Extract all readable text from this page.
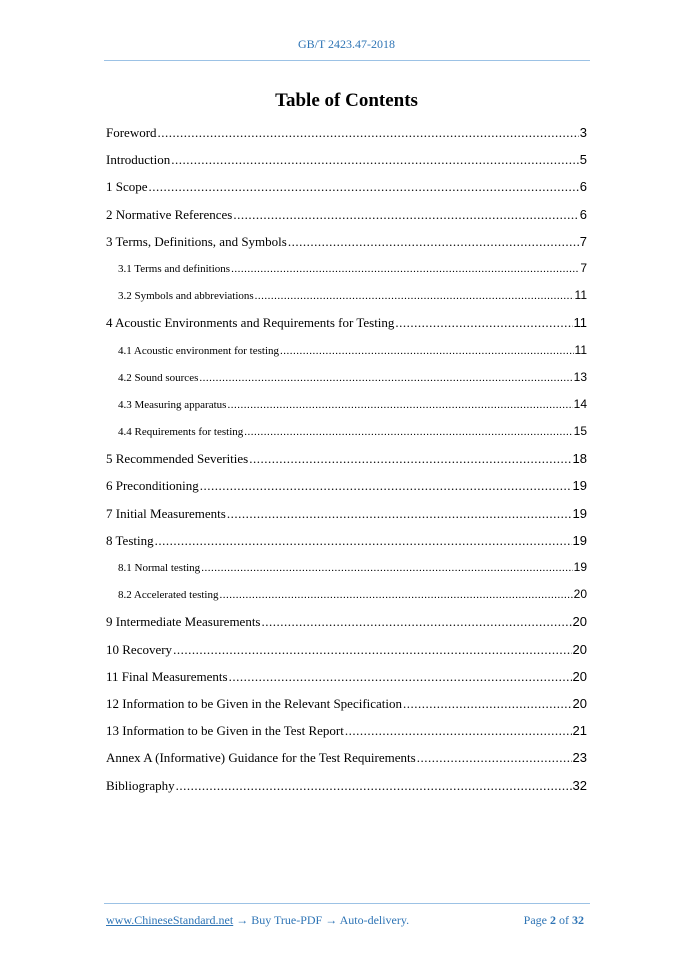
GB/T 2423.47-2018
Table of Contents
Foreword .....	3
Introduction .....	5
1 Scope .....	6
2 Normative References .....	6
3 Terms, Definitions, and Symbols .....	7
3.1 Terms and definitions .....	7
3.2 Symbols and abbreviations .....	11
4 Acoustic Environments and Requirements for Testing .....	11
4.1 Acoustic environment for testing .....	11
4.2 Sound sources .....	13
4.3 Measuring apparatus .....	14
4.4 Requirements for testing .....	15
5 Recommended Severities .....	18
6 Preconditioning .....	19
7 Initial Measurements .....	19
8 Testing .....	19
8.1 Normal testing .....	19
8.2 Accelerated testing .....	20
9 Intermediate Measurements .....	20
10 Recovery .....	20
11 Final Measurements .....	20
12 Information to be Given in the Relevant Specification .....	20
13 Information to be Given in the Test Report .....	21
Annex A (Informative) Guidance for the Test Requirements .....	23
Bibliography .....	32
www.ChineseStandard.net → Buy True-PDF → Auto-delivery.	Page 2 of 32
